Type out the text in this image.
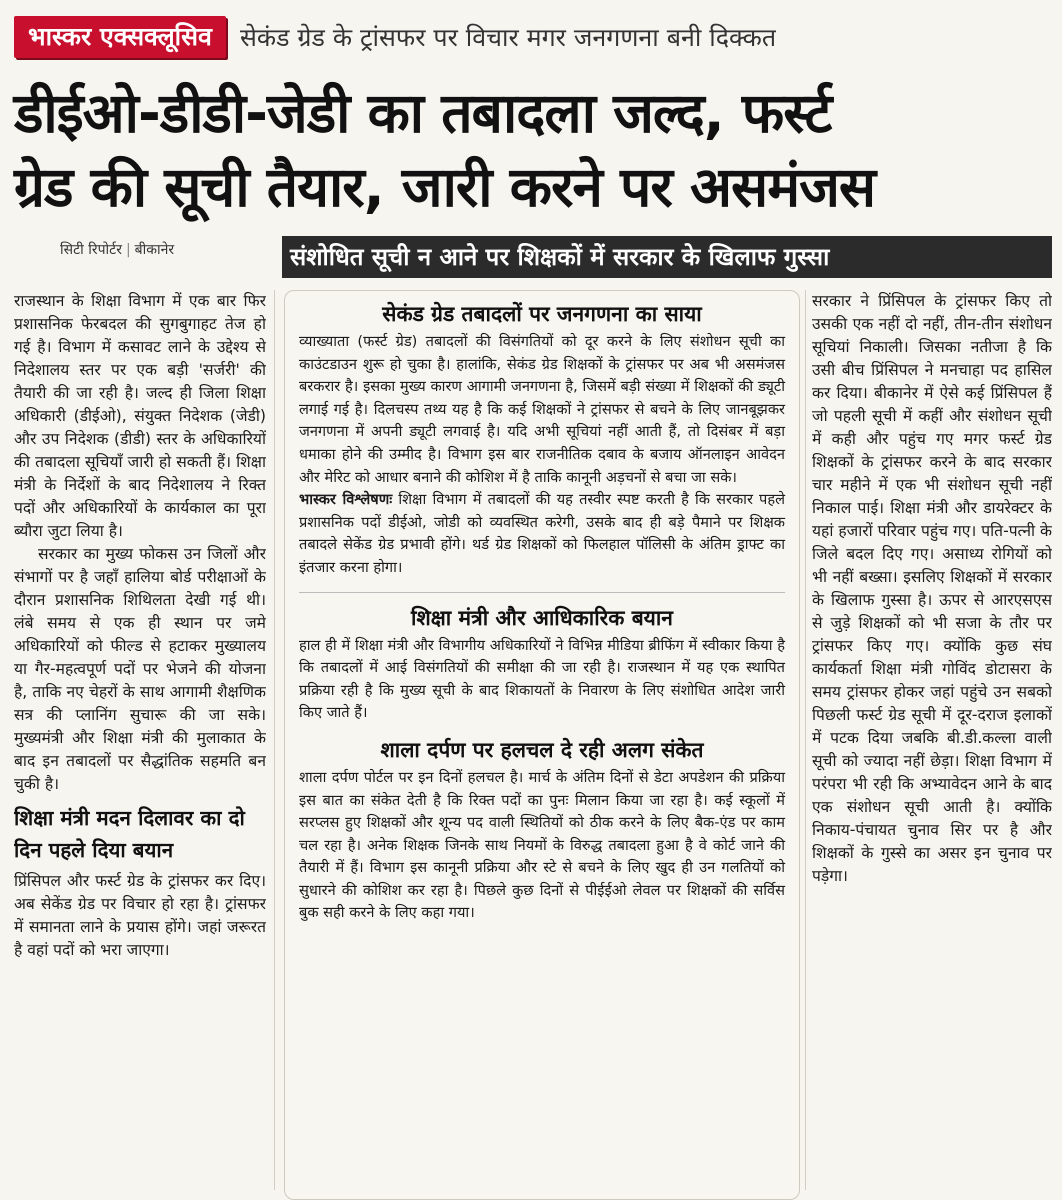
भास्कर एक्सक्लूसिव	सेकंड ग्रेड के ट्रांसफर पर विचार मगर जनगणना बनी दिक्कत
डीईओ-डीडी-जेडी का तबादला जल्द, फर्स्ट
ग्रेड की सूची तैयार, जारी करने पर असमंजस
सिटी रिपोर्टर | बीकानेर	संशोधित सूची न आने पर शिक्षकों में सरकार के खिलाफ गुस्सा

राजस्थान के शिक्षा विभाग में एक बार फिर प्रशासनिक फेरबदल की सुगबुगाहट तेज हो गई है। विभाग में कसावट लाने के उद्देश्य से निदेशालय स्तर पर एक बड़ी 'सर्जरी' की तैयारी की जा रही है। जल्द ही जिला शिक्षा अधिकारी (डीईओ), संयुक्त निदेशक (जेडी) और उप निदेशक (डीडी) स्तर के अधिकारियों की तबादला सूचियाँ जारी हो सकती हैं। शिक्षा मंत्री के निर्देशों के बाद निदेशालय ने रिक्त पदों और अधिकारियों के कार्यकाल का पूरा ब्यौरा जुटा लिया है।

सरकार का मुख्य फोकस उन जिलों और संभागों पर है जहाँ हालिया बोर्ड परीक्षाओं के दौरान प्रशासनिक शिथिलता देखी गई थी। लंबे समय से एक ही स्थान पर जमे अधिकारियों को फील्ड से हटाकर मुख्यालय या गैर-महत्वपूर्ण पदों पर भेजने की योजना है, ताकि नए चेहरों के साथ आगामी शैक्षणिक सत्र की प्लानिंग सुचारू की जा सके। मुख्यमंत्री और शिक्षा मंत्री की मुलाकात के बाद इन तबादलों पर सैद्धांतिक सहमति बन चुकी है।

शिक्षा मंत्री मदन दिलावर का दो दिन पहले दिया बयान

प्रिंसिपल और फर्स्ट ग्रेड के ट्रांसफर कर दिए। अब सेकेंड ग्रेड पर विचार हो रहा है। ट्रांसफर में समानता लाने के प्रयास होंगे। जहां जरूरत है वहां पदों को भरा जाएगा।

सेकंड ग्रेड तबादलों पर जनगणना का साया

व्याख्याता (फर्स्ट ग्रेड) तबादलों की विसंगतियों को दूर करने के लिए संशोधन सूची का काउंटडाउन शुरू हो चुका है। हालांकि, सेकंड ग्रेड शिक्षकों के ट्रांसफर पर अब भी असमंजस बरकरार है। इसका मुख्य कारण आगामी जनगणना है, जिसमें बड़ी संख्या में शिक्षकों की ड्यूटी लगाई गई है। दिलचस्प तथ्य यह है कि कई शिक्षकों ने ट्रांसफर से बचने के लिए जानबूझकर जनगणना में अपनी ड्यूटी लगवाई है। यदि अभी सूचियां नहीं आती हैं, तो दिसंबर में बड़ा धमाका होने की उम्मीद है। विभाग इस बार राजनीतिक दबाव के बजाय ऑनलाइन आवेदन और मेरिट को आधार बनाने की कोशिश में है ताकि कानूनी अड़चनों से बचा जा सके।

भास्कर विश्लेषणः शिक्षा विभाग में तबादलों की यह तस्वीर स्पष्ट करती है कि सरकार पहले प्रशासनिक पदों डीईओ, जोडी को व्यवस्थित करेगी, उसके बाद ही बड़े पैमाने पर शिक्षक तबादले सेकेंड ग्रेड प्रभावी होंगे। थर्ड ग्रेड शिक्षकों को फिलहाल पॉलिसी के अंतिम ड्राफ्ट का इंतजार करना होगा।

शिक्षा मंत्री और आधिकारिक बयान

हाल ही में शिक्षा मंत्री और विभागीय अधिकारियों ने विभिन्न मीडिया ब्रीफिंग में स्वीकार किया है कि तबादलों में आई विसंगतियों की समीक्षा की जा रही है। राजस्थान में यह एक स्थापित प्रक्रिया रही है कि मुख्य सूची के बाद शिकायतों के निवारण के लिए संशोधित आदेश जारी किए जाते हैं।

शाला दर्पण पर हलचल दे रही अलग संकेत

शाला दर्पण पोर्टल पर इन दिनों हलचल है। मार्च के अंतिम दिनों से डेटा अपडेशन की प्रक्रिया इस बात का संकेत देती है कि रिक्त पदों का पुनः मिलान किया जा रहा है। कई स्कूलों में सरप्लस हुए शिक्षकों और शून्य पद वाली स्थितियों को ठीक करने के लिए बैक-एंड पर काम चल रहा है। अनेक शिक्षक जिनके साथ नियमों के विरुद्ध तबादला हुआ है वे कोर्ट जाने की तैयारी में हैं। विभाग इस कानूनी प्रक्रिया और स्टे से बचने के लिए खुद ही उन गलतियों को सुधारने की कोशिश कर रहा है। पिछले कुछ दिनों से पीईईओ लेवल पर शिक्षकों की सर्विस बुक सही करने के लिए कहा गया।

सरकार ने प्रिंसिपल के ट्रांसफर किए तो उसकी एक नहीं दो नहीं, तीन-तीन संशोधन सूचियां निकाली। जिसका नतीजा है कि उसी बीच प्रिंसिपल ने मनचाहा पद हासिल कर दिया। बीकानेर में ऐसे कई प्रिंसिपल हैं जो पहली सूची में कहीं और संशोधन सूची में कही और पहुंच गए मगर फर्स्ट ग्रेड शिक्षकों के ट्रांसफर करने के बाद सरकार चार महीने में एक भी संशोधन सूची नहीं निकाल पाई। शिक्षा मंत्री और डायरेक्टर के यहां हजारों परिवार पहुंच गए। पति-पत्नी के जिले बदल दिए गए। असाध्य रोगियों को भी नहीं बख्सा। इसलिए शिक्षकों में सरकार के खिलाफ गुस्सा है। ऊपर से आरएसएस से जुड़े शिक्षकों को भी सजा के तौर पर ट्रांसफर किए गए। क्योंकि कुछ संघ कार्यकर्ता शिक्षा मंत्री गोविंद डोटासरा के समय ट्रांसफर होकर जहां पहुंचे उन सबको पिछली फर्स्ट ग्रेड सूची में दूर-दराज इलाकों में पटक दिया जबकि बी.डी.कल्ला वाली सूची को ज्यादा नहीं छेड़ा। शिक्षा विभाग में परंपरा भी रही कि अभ्यावेदन आने के बाद एक संशोधन सूची आती है। क्योंकि निकाय-पंचायत चुनाव सिर पर है और शिक्षकों के गुस्से का असर इन चुनाव पर पड़ेगा।
